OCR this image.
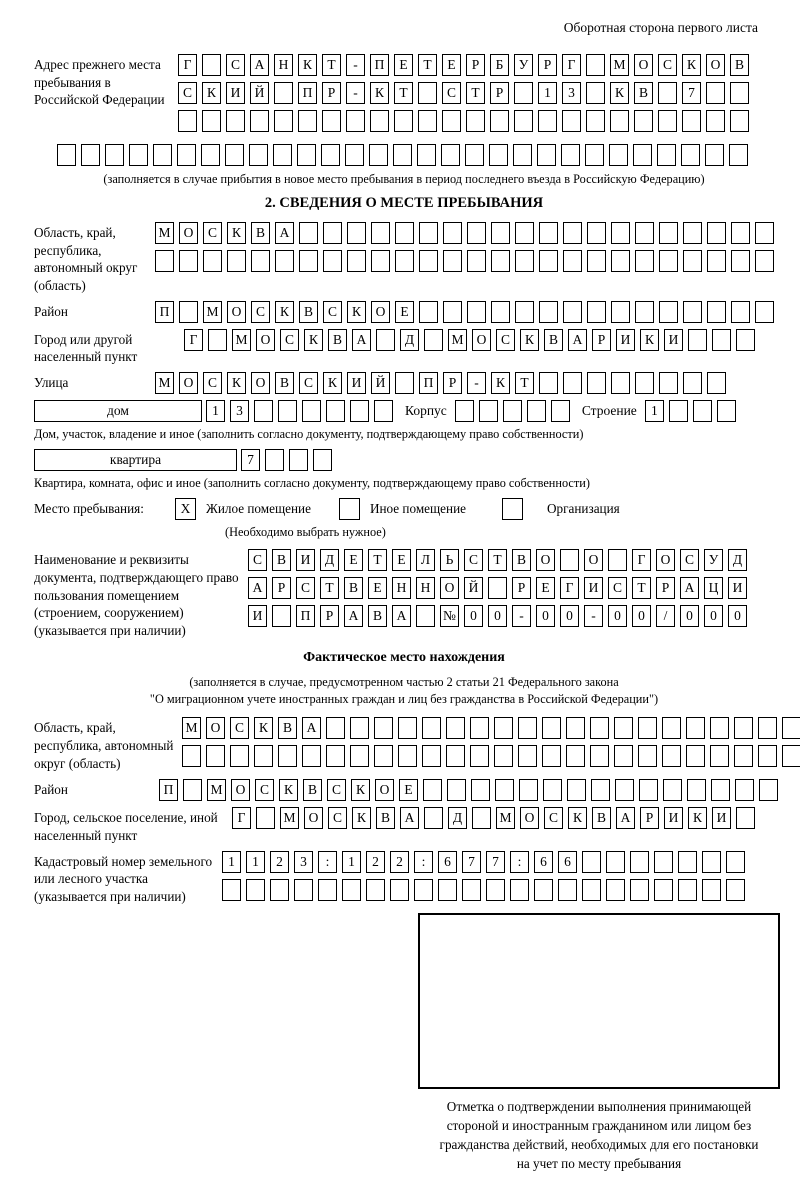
Оборотная сторона первого листа
Адрес прежнего места пребывания в Российской Федерации
Г	С	А	Н	К	Т	-	П	Е	Т	Е	Р	Б	У	Р	Г	М О	С	К	О	В
С	К	И	Й	П	Р	-	К	Т	С	Т	Р	1	3	К	В	7
(заполняется в случае прибытия в новое место пребывания в период последнего въезда в Российскую Федерацию)
2. СВЕДЕНИЯ О МЕСТЕ ПРЕБЫВАНИЯ
Область, край, республика, автономный округ (область)
М О	С	К	В	А
Район	П	М О	С	К	В	С	К	О	Е
Город или другой населенный пункт
Г	М О	С	К	В	А	Д	М О	С	К	В	А	Р	И	К	И
Улица	М О	С	К	О	В	С	К	И	Й	П	Р	-	К	Т
дом	1	3	Корпус	Строение	1
Дом, участок, владение и иное (заполнить согласно документу, подтверждающему право собственности)
квартира	7
Квартира, комната, офис и иное (заполнить согласно документу, подтверждающему право собственности)
Место пребывания:	X	Жилое помещение	Иное помещение	Организация
(Необходимо выбрать нужное)
Наименование и реквизиты документа, подтверждающего право пользования помещением (строением, сооружением) (указывается при наличии)
С	В	И	Д	Е	Т	Е	Л	Ь	С	Т	В	О	О	Г	О	С	У	Д
А	Р	С	Т	В	Е	Н	Н	О	Й	Р	Е	Г	И	С	Т	Р	А	Ц	И
И	П	Р	А	В	А	№	0	0	-	0	0	-	0	0	/	0	0	0
Фактическое место нахождения
(заполняется в случае, предусмотренном частью 2 статьи 21 Федерального закона
"О миграционном учете иностранных граждан и лиц без гражданства в Российской Федерации")
Область, край, республика, автономный округ (область)
М О	С	К	В	А
Район	П	М О	С	К	В	С	К	О	Е
Город, сельское поселение, иной населенный пункт
Г	М О	С	К	В	А	Д	М О	С	К	В	А	Р	И	К	И
Кадастровый номер земельного или лесного участка (указывается при наличии)
1	1	2	3	:	1	2	2	:	6	7	7	:	6	6
Отметка о подтверждении выполнения принимающей
стороной и иностранным гражданином или лицом без
гражданства действий, необходимых для его постановки
на учет по месту пребывания
